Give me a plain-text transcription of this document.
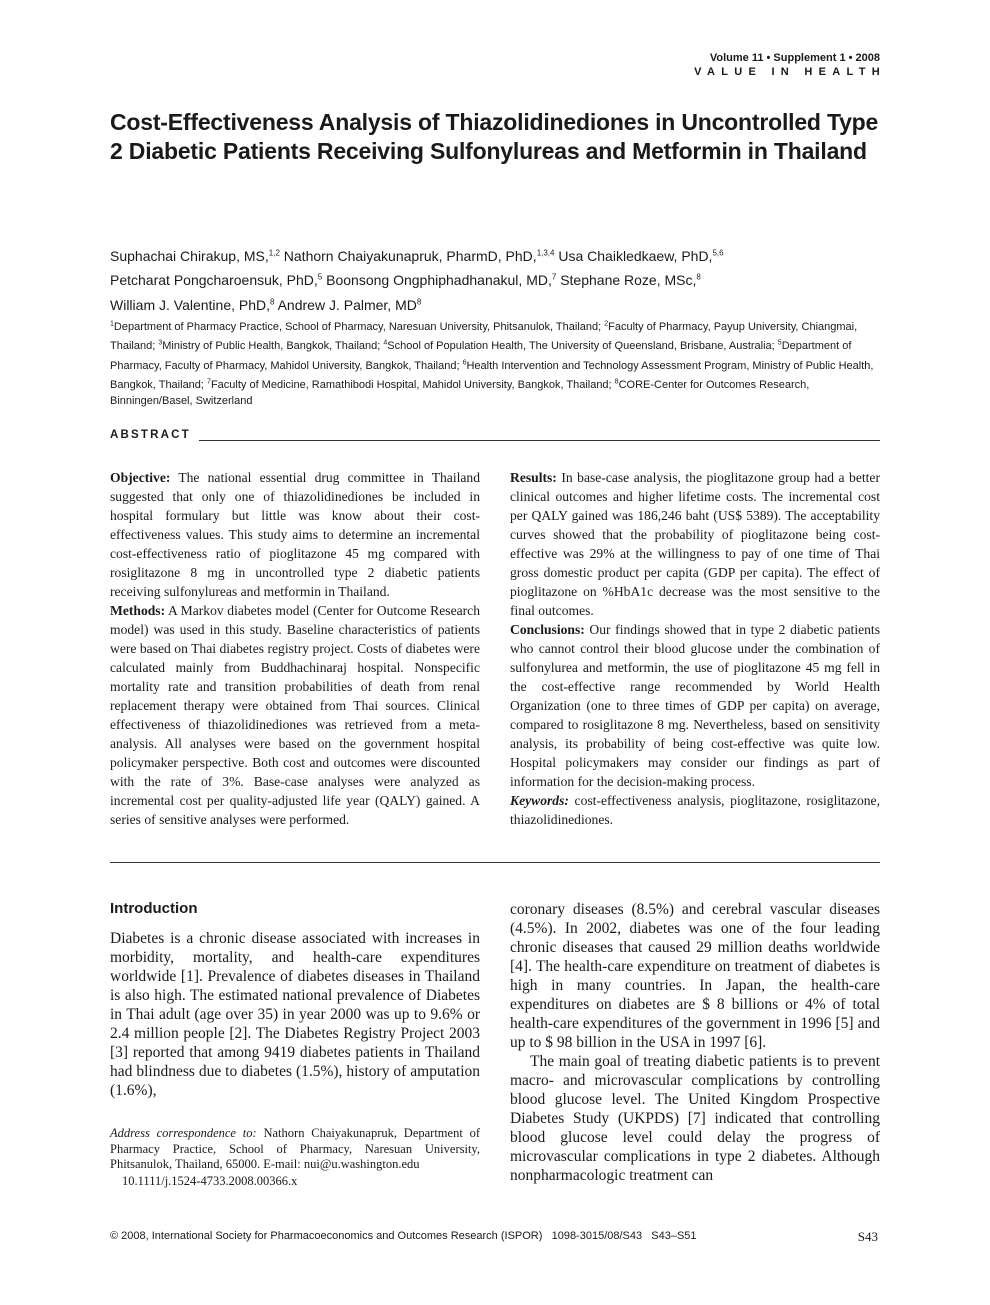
Volume 11 • Supplement 1 • 2008
VALUE IN HEALTH
Cost-Effectiveness Analysis of Thiazolidinediones in Uncontrolled Type 2 Diabetic Patients Receiving Sulfonylureas and Metformin in Thailand
Suphachai Chirakup, MS,$^{1,2}$ Nathorn Chaiyakunapruk, PharmD, PhD,$^{1,3,4}$ Usa Chaikledkaew, PhD,$^{5,6}$
Petcharat Pongcharoensuk, PhD,$^5$ Boonsong Ongphiphadhanakul, MD,$^7$ Stephane Roze, MSc,$^8$
William J. Valentine, PhD,$^8$ Andrew J. Palmer, $MD^8$
$^1$Department of Pharmacy Practice, School of Pharmacy, Naresuan University, Phitsanulok, Thailand; $^2$Faculty of Pharmacy, Payup University, Chiangmai, Thailand; $^3$Ministry of Public Health, Bangkok, Thailand; $^4$School of Population Health, The University of Queensland, Brisbane, Australia; $^5$Department of Pharmacy, Faculty of Pharmacy, Mahidol University, Bangkok, Thailand; $^6$Health Intervention and Technology Assessment Program, Ministry of Public Health, Bangkok, Thailand; $^7$Faculty of Medicine, Ramathibodi Hospital, Mahidol University, Bangkok, Thailand; $^8$CORE-Center for Outcomes Research, Binningen/Basel, Switzerland
ABSTRACT

Objective: The national essential drug committee in Thailand suggested that only one of thiazolidinediones be included in hospital formulary but little was know about their cost-effectiveness values. This study aims to determine an incremental cost-effectiveness ratio of pioglitazone 45 mg compared with rosiglitazone 8 mg in uncontrolled type 2 diabetic patients receiving sulfonylureas and metformin in Thailand.

Methods: A Markov diabetes model (Center for Outcome Research model) was used in this study. Baseline characteristics of patients were based on Thai diabetes registry project. Costs of diabetes were calculated mainly from Buddhachinaraj hospital. Nonspecific mortality rate and transition probabilities of death from renal replacement therapy were obtained from Thai sources. Clinical effectiveness of thiazolidinediones was retrieved from a meta-analysis. All analyses were based on the government hospital policymaker perspective. Both cost and outcomes were discounted with the rate of 3%. Base-case analyses were analyzed as incremental cost per quality-adjusted life year (QALY) gained. A series of sensitive analyses were performed.

Results: In base-case analysis, the pioglitazone group had a better clinical outcomes and higher lifetime costs. The incremental cost per QALY gained was 186,246 baht (US$ 5389). The acceptability curves showed that the probability of pioglitazone being cost-effective was 29% at the willingness to pay of one time of Thai gross domestic product per capita (GDP per capita). The effect of pioglitazone on %HbA1c decrease was the most sensitive to the final outcomes.

Conclusions: Our findings showed that in type 2 diabetic patients who cannot control their blood glucose under the combination of sulfonylurea and metformin, the use of pioglitazone 45 mg fell in the cost-effective range recommended by World Health Organization (one to three times of GDP per capita) on average, compared to rosiglitazone 8 mg. Nevertheless, based on sensitivity analysis, its probability of being cost-effective was quite low. Hospital policymakers may consider our findings as part of information for the decision-making process.

Keywords: cost-effectiveness analysis, pioglitazone, rosiglitazone, thiazolidinediones.

Introduction

Diabetes is a chronic disease associated with increases in morbidity, mortality, and health-care expenditures worldwide [1]. Prevalence of diabetes diseases in Thailand is also high. The estimated national prevalence of Diabetes in Thai adult (age over 35) in year 2000 was up to 9.6% or 2.4 million people [2]. The Diabetes Registry Project 2003 [3] reported that among 9419 diabetes patients in Thailand had blindness due to diabetes (1.5%), history of amputation (1.6%),

coronary diseases (8.5%) and cerebral vascular diseases (4.5%). In 2002, diabetes was one of the four leading chronic diseases that caused 29 million deaths worldwide [4]. The health-care expenditure on treatment of diabetes is high in many countries. In Japan, the health-care expenditures on diabetes are $ 8 billions or 4% of total health-care expenditures of the government in 1996 [5] and up to $ 98 billion in the USA in 1997 [6].

The main goal of treating diabetic patients is to prevent macro- and microvascular complications by controlling blood glucose level. The United Kingdom Prospective Diabetes Study (UKPDS) [7] indicated that controlling blood glucose level could delay the progress of microvascular complications in type 2 diabetes. Although nonpharmacologic treatment can

Address correspondence to: Nathorn Chaiyakunapruk, Department of Pharmacy Practice, School of Pharmacy, Naresuan University, Phitsanulok, Thailand, 65000. E-mail: nui@u.washington.edu
10.1111/j.1524-4733.2008.00366.x
© 2008, International Society for Pharmacoeconomics and Outcomes Research (ISPOR)   1098-3015/08/S43   S43–S51	S43
